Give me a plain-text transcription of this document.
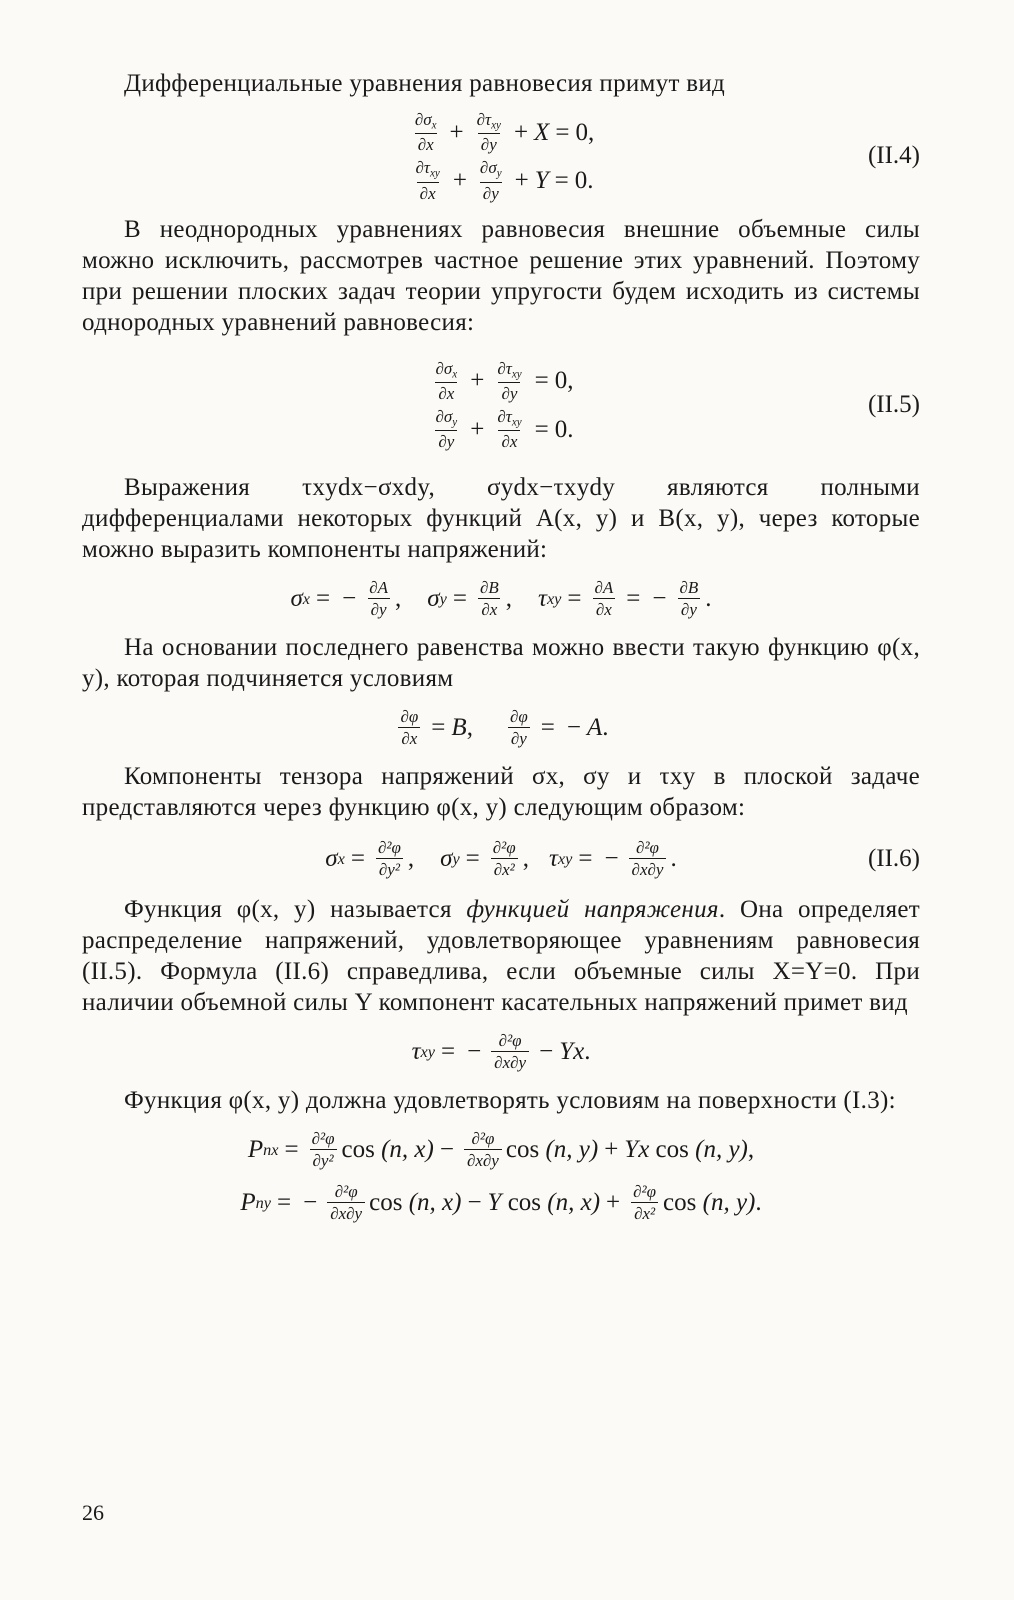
Дифференциальные уравнения равновесия примут вид

$\frac{\partial\sigma_x}{\partial x} + \frac{\partial\tau_{xy}}{\partial y} + X = 0$,
$\frac{\partial\tau_{xy}}{\partial x} + \frac{\partial\sigma_y}{\partial y} + Y = 0$.
(II.4)

В неоднородных уравнениях равновесия внешние объемные силы можно исключить, рассмотрев частное решение этих уравнений. Поэтому при решении плоских задач теории упругости будем исходить из системы однородных уравнений равновесия:

$\frac{\partial\sigma_x}{\partial x} + \frac{\partial\tau_{xy}}{\partial y} = 0$,
$\frac{\partial\sigma_y}{\partial y} + \frac{\partial\tau_{xy}}{\partial x} = 0$.
(II.5)

Выражения τxydx−σxdy, σydx−τxydy являются полными дифференциалами некоторых функций A(x, y) и B(x, y), через которые можно выразить компоненты напряжений:

σ x = − $\frac{\partial A}{\partial y}$ , σ $y = \frac{\partial B}{\partial x}$ , τ xy = $\frac{\partial A}{\partial x}$ = − $\frac{\partial B}{\partial y}$ .

На основании последнего равенства можно ввести такую функцию φ(x, y), которая подчиняется условиям

$\frac{\partial\varphi}{\partial x} = B$ , $\frac{\partial\varphi}{\partial y}$ = − A .

Компоненты тензора напряжений σx, σy и τxy в плоской задаче представляются через функцию φ(x, y) следующим образом:

σ $x = \frac{\text{∂²φ}}{\text{∂y²}}$ , σ $y = \frac{\text{∂²φ}}{\text{∂x²}}$ , τ xy = − $\frac{\text{∂²φ}}{\partial x\partial y}$ .	(II.6)

Функция φ(x, y) называется функцией напряжения. Она определяет распределение напряжений, удовлетворяющее уравнениям равновесия (II.5). Формула (II.6) справедлива, если объемные силы X=Y=0. При наличии объемной силы Y компонент касательных напряжений примет вид

τ xy = − $\frac{\text{∂²φ}}{\partial x\partial y} - Yx$ .

Функция φ(x, y) должна удовлетворять условиям на поверхности (I.3):

P nx = $\frac{\text{∂²φ}}{\text{∂y²}}$ cos (n, $x) - \frac{\text{∂²φ}}{\partial x\partial y}$ cos (n, y) + Yx cos (n, y) ,
P ny = − $\frac{\text{∂²φ}}{\partial x\partial y}$ cos (n, x) − Y cos (n, $x) + \frac{\text{∂²φ}}{\text{∂x²}}$ cos (n, y) .
26
